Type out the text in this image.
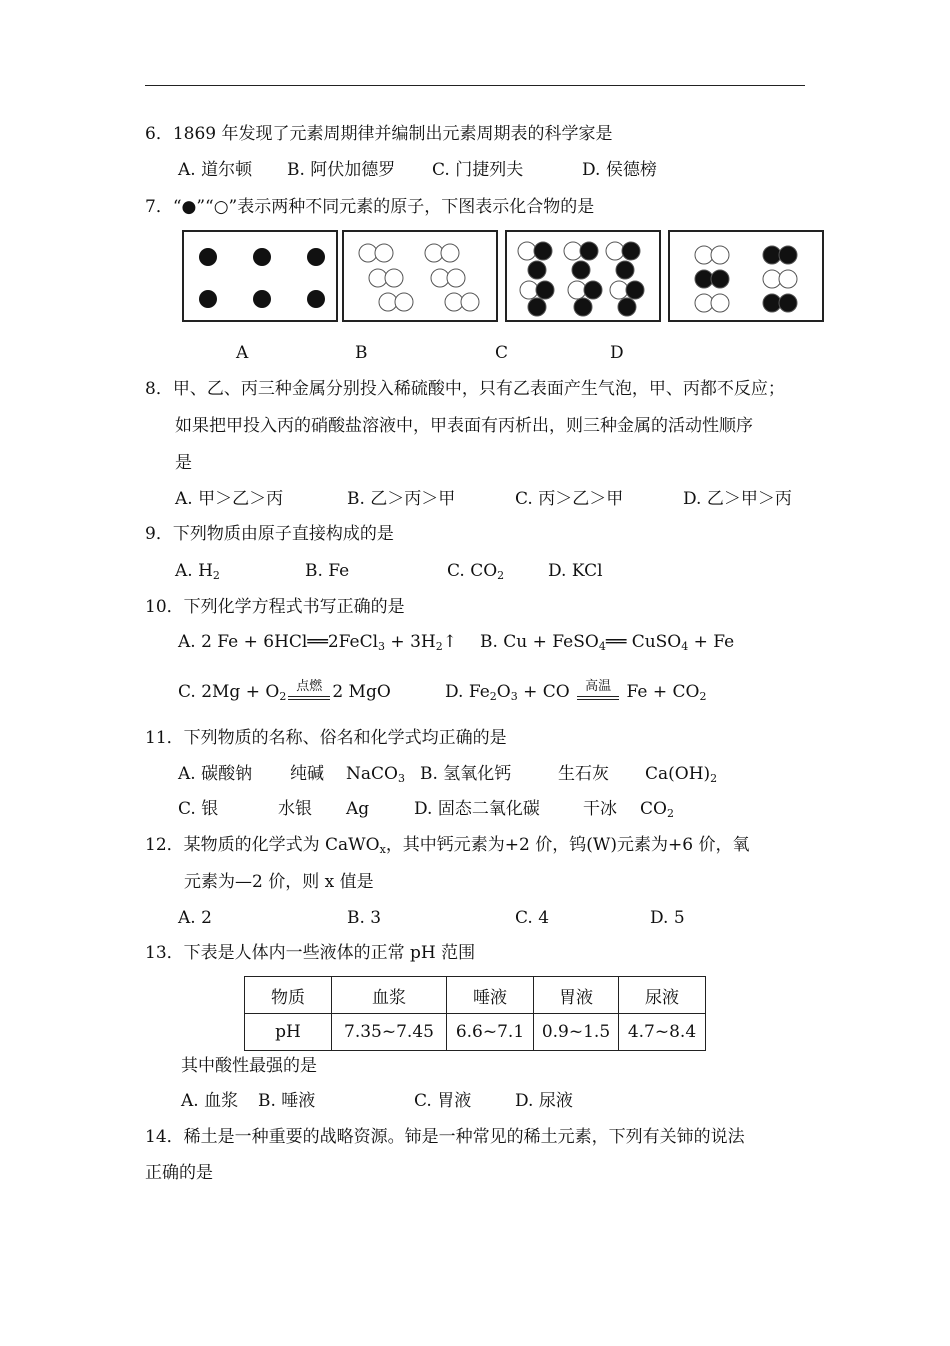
6．1869 年发现了元素周期律并编制出元素周期表的科学家是
A. 道尔顿 B. 阿伏加德罗 C. 门捷列夫	D. 侯德榜
7．“●”“○”表示两种不同元素的原子，下图表示化合物的是
A	B	C	D
8．甲、乙、丙三种金属分别投入稀硫酸中，只有乙表面产生气泡，甲、丙都不反应；
如果把甲投入丙的硝酸盐溶液中，甲表面有丙析出，则三种金属的活动性顺序
是
A. 甲＞乙＞丙	B. 乙＞丙＞甲	C. 丙＞乙＞甲	D. 乙＞甲＞丙
9．下列物质由原子直接构成的是
A. $H_2$	B. Fe	C. $CO_2$	D. KCl
10．下列化学方程式书写正确的是
A. 2 Fe + 6HCl══2FeCl$_3$ + $3H_2↑$ B. Cu + FeSO$_4$══ CuSO$_4$ + Fe
C. $2Mg + O_2$
点燃 2 MgO	D. $Fe_2O_3$ + CO 高温 $Fe + CO_2$
11．下列物质的名称、俗名和化学式均正确的是
A. 碳酸钠 纯碱 NaCO$_3$ B. 氢氧化钙	生石灰 $Ca(OH)_2$
C. 银	水银 Ag	D. 固态二氧化碳	干冰 $CO_2$
12．某物质的化学式为 CaWO$_x$，其中钙元素为+2 价，钨(W)元素为+6 价，氧
元素为—2 价，则 x 值是
A. 2	B. 3	C. 4	D. 5
13．下表是人体内一些液体的正常 pH 范围
物质	血浆	唾液	胃液	尿液
pH	7.35~7.45	6.6~7.1	0.9~1.5	4.7~8.4
其中酸性最强的是
A. 血浆 B. 唾液	C. 胃液	D. 尿液
14．稀土是一种重要的战略资源。铈是一种常见的稀土元素，下列有关铈的说法
正确的是
